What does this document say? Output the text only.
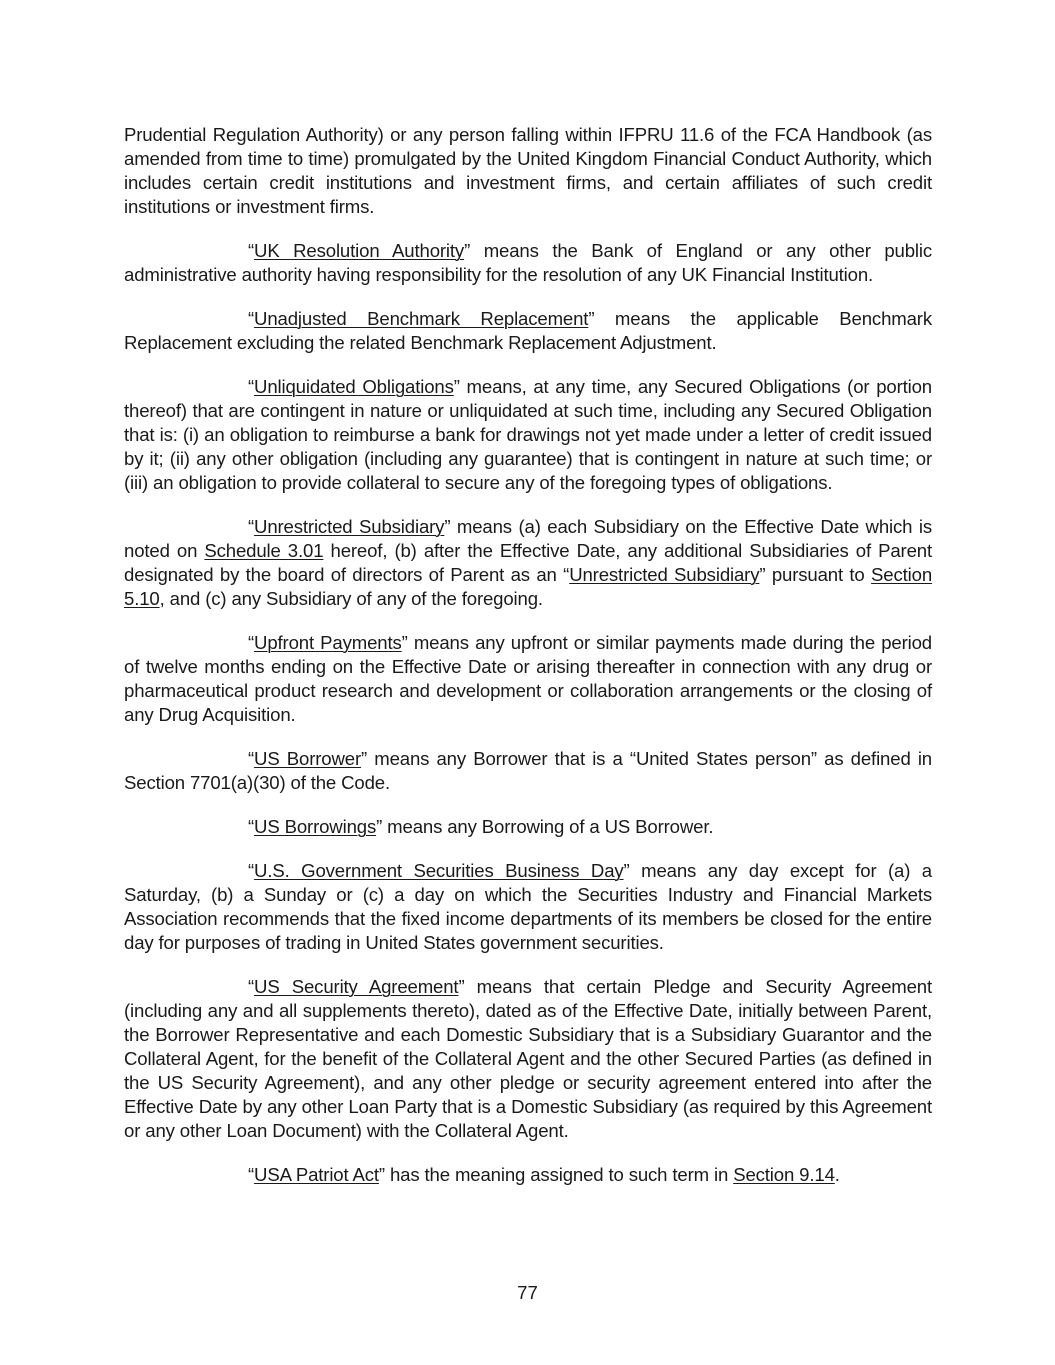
Prudential Regulation Authority) or any person falling within IFPRU 11.6 of the FCA Handbook (as amended from time to time) promulgated by the United Kingdom Financial Conduct Authority, which includes certain credit institutions and investment firms, and certain affiliates of such credit institutions or investment firms.

“UK Resolution Authority” means the Bank of England or any other public administrative authority having responsibility for the resolution of any UK Financial Institution.

“Unadjusted Benchmark Replacement” means the applicable Benchmark Replacement excluding the related Benchmark Replacement Adjustment.

“Unliquidated Obligations” means, at any time, any Secured Obligations (or portion thereof) that are contingent in nature or unliquidated at such time, including any Secured Obligation that is: (i) an obligation to reimburse a bank for drawings not yet made under a letter of credit issued by it; (ii) any other obligation (including any guarantee) that is contingent in nature at such time; or (iii) an obligation to provide collateral to secure any of the foregoing types of obligations.

“Unrestricted Subsidiary” means (a) each Subsidiary on the Effective Date which is noted on Schedule 3.01 hereof, (b) after the Effective Date, any additional Subsidiaries of Parent designated by the board of directors of Parent as an “Unrestricted Subsidiary” pursuant to Section 5.10, and (c) any Subsidiary of any of the foregoing.

“Upfront Payments” means any upfront or similar payments made during the period of twelve months ending on the Effective Date or arising thereafter in connection with any drug or pharmaceutical product research and development or collaboration arrangements or the closing of any Drug Acquisition.

“US Borrower” means any Borrower that is a “United States person” as defined in Section 7701(a)(30) of the Code.

“US Borrowings” means any Borrowing of a US Borrower.

“U.S. Government Securities Business Day” means any day except for (a) a Saturday, (b) a Sunday or (c) a day on which the Securities Industry and Financial Markets Association recommends that the fixed income departments of its members be closed for the entire day for purposes of trading in United States government securities.

“US Security Agreement” means that certain Pledge and Security Agreement (including any and all supplements thereto), dated as of the Effective Date, initially between Parent, the Borrower Representative and each Domestic Subsidiary that is a Subsidiary Guarantor and the Collateral Agent, for the benefit of the Collateral Agent and the other Secured Parties (as defined in the US Security Agreement), and any other pledge or security agreement entered into after the Effective Date by any other Loan Party that is a Domestic Subsidiary (as required by this Agreement or any other Loan Document) with the Collateral Agent.

“USA Patriot Act” has the meaning assigned to such term in Section 9.14.

77
